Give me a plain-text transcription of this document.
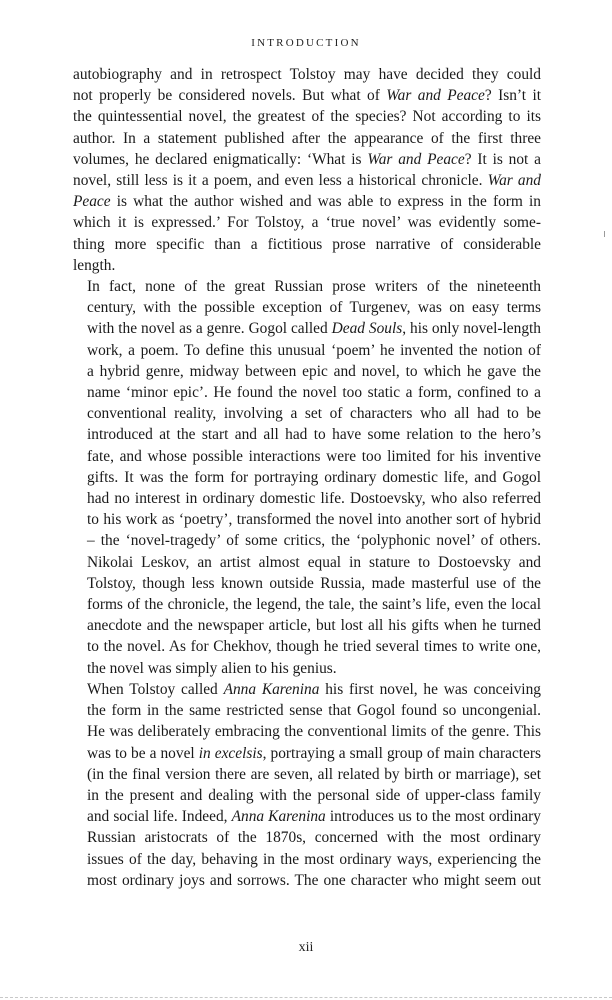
INTRODUCTION

autobiography and in retrospect Tolstoy may have decided they could
not properly be considered novels. But what of War and Peace? Isn’t it
the quintessential novel, the greatest of the species? Not according to its
author. In a statement published after the appearance of the first three
volumes, he declared enigmatically: ‘What is War and Peace? It is not a
novel, still less is it a poem, and even less a historical chronicle. War and
Peace is what the author wished and was able to express in the form in
which it is expressed.’ For Tolstoy, a ‘true novel’ was evidently some-
thing more specific than a fictitious prose narrative of considerable
length.

In fact, none of the great Russian prose writers of the nineteenth
century, with the possible exception of Turgenev, was on easy terms
with the novel as a genre. Gogol called Dead Souls, his only novel-length
work, a poem. To define this unusual ‘poem’ he invented the notion of
a hybrid genre, midway between epic and novel, to which he gave the
name ‘minor epic’. He found the novel too static a form, confined to a
conventional reality, involving a set of characters who all had to be
introduced at the start and all had to have some relation to the hero’s
fate, and whose possible interactions were too limited for his inventive
gifts. It was the form for portraying ordinary domestic life, and Gogol
had no interest in ordinary domestic life. Dostoevsky, who also referred
to his work as ‘poetry’, transformed the novel into another sort of hybrid
– the ‘novel-tragedy’ of some critics, the ‘polyphonic novel’ of others.
Nikolai Leskov, an artist almost equal in stature to Dostoevsky and
Tolstoy, though less known outside Russia, made masterful use of the
forms of the chronicle, the legend, the tale, the saint’s life, even the local
anecdote and the newspaper article, but lost all his gifts when he turned
to the novel. As for Chekhov, though he tried several times to write one,
the novel was simply alien to his genius.

When Tolstoy called Anna Karenina his first novel, he was conceiving
the form in the same restricted sense that Gogol found so uncongenial.
He was deliberately embracing the conventional limits of the genre. This
was to be a novel in excelsis, portraying a small group of main characters
(in the final version there are seven, all related by birth or marriage), set
in the present and dealing with the personal side of upper-class family
and social life. Indeed, Anna Karenina introduces us to the most ordinary
Russian aristocrats of the 1870s, concerned with the most ordinary
issues of the day, behaving in the most ordinary ways, experiencing the
most ordinary joys and sorrows. The one character who might seem out

xii
